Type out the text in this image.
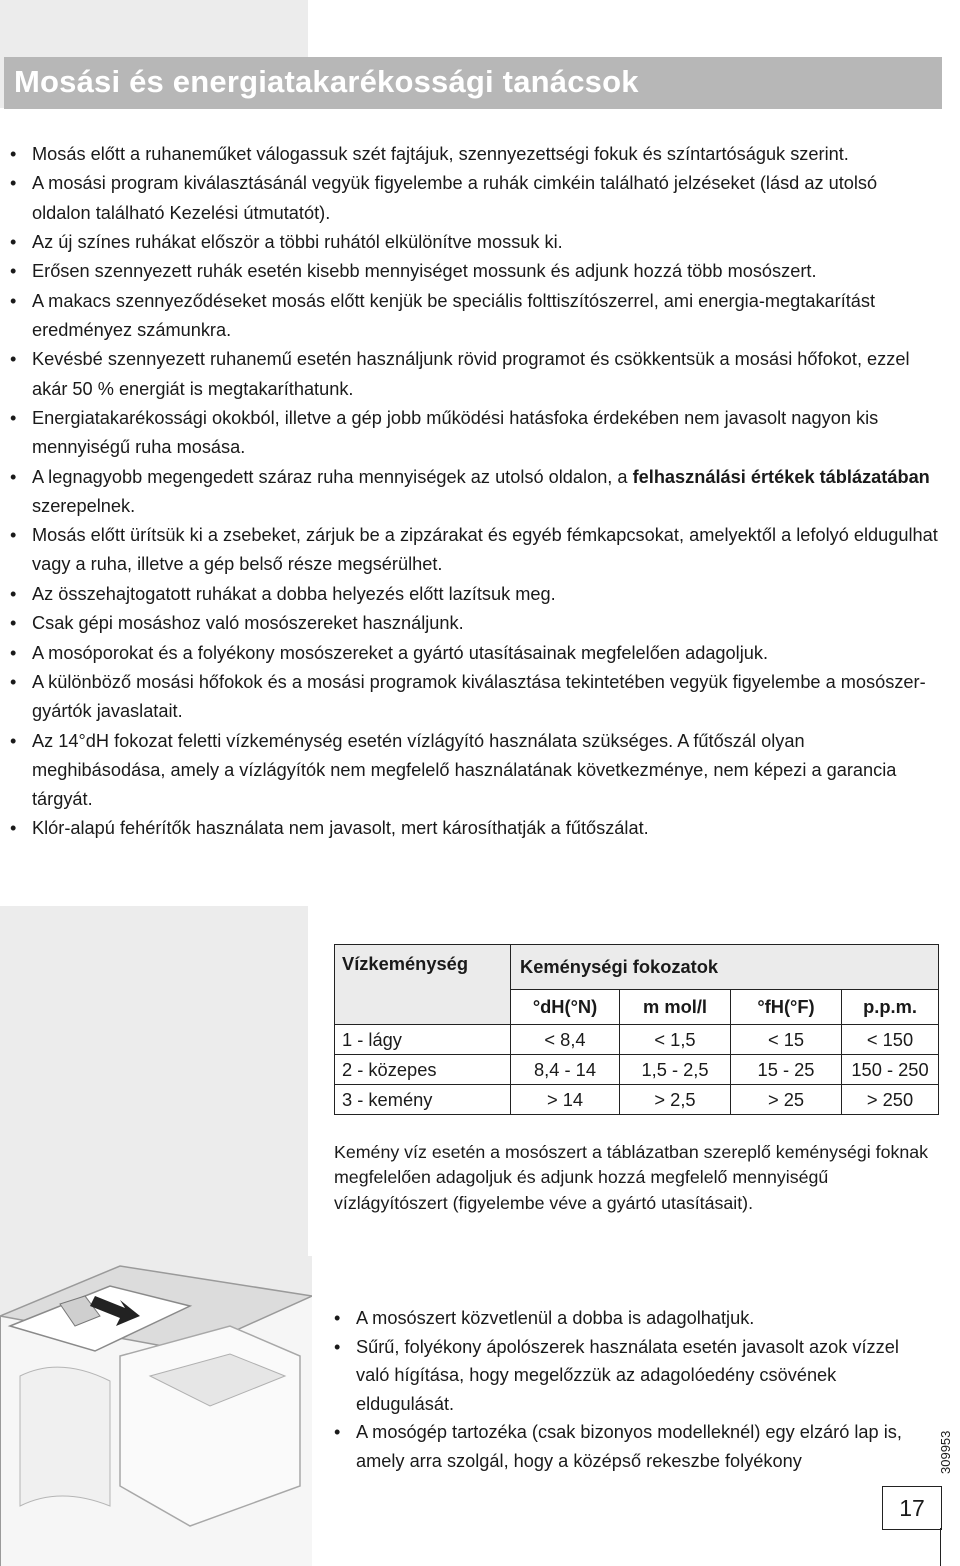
Mosási és energiatakarékossági tanácsok
• Mosás előtt a ruhaneműket válogassuk szét fajtájuk, szennyezettségi fokuk és színtartóságuk szerint.
• A mosási program kiválasztásánál vegyük figyelembe a ruhák cimkéin található jelzéseket (lásd az utolsó oldalon található Kezelési útmutatót).
• Az új színes ruhákat először a többi ruhától elkülönítve mossuk ki.
• Erősen szennyezett ruhák esetén kisebb mennyiséget mossunk és adjunk hozzá több mosószert.
• A makacs szennyeződéseket mosás előtt kenjük be speciális folttiszítószerrel, ami energia-megtakarítást eredményez számunkra.
• Kevésbé szennyezett ruhanemű esetén használjunk rövid programot és csökkentsük a mosási hőfokot, ezzel akár 50 % energiát is megtakaríthatunk.
• Energiatakarékossági okokból, illetve a gép jobb működési hatásfoka érdekében nem javasolt nagyon kis mennyiségű ruha mosása.
• A legnagyobb megengedett száraz ruha mennyiségek az utolsó oldalon, a felhasználási értékek táblázatában szerepelnek.
• Mosás előtt ürítsük ki a zsebeket, zárjuk be a zipzárakat és egyéb fémkapcsokat, amelyektől a lefolyó eldugulhat vagy a ruha, illetve a gép belső része megsérülhet.
• Az összehajtogatott ruhákat a dobba helyezés előtt lazítsuk meg.
• Csak gépi mosáshoz való mosószereket használjunk.
• A mosóporokat és a folyékony mosószereket a gyártó utasításainak megfelelően adagoljuk.
• A különböző mosási hőfokok és a mosási programok kiválasztása tekintetében vegyük figyelembe a mosószer-gyártók javaslatait.
• Az 14°dH fokozat feletti vízkeménység esetén vízlágyító használata szükséges. A fűtőszál olyan meghibásodása, amely a vízlágyítók nem megfelelő használatának következménye, nem képezi a garancia tárgyát.
• Klór-alapú fehérítők használata nem javasolt, mert károsíthatják a fűtőszálat.
Vízkeménység	Keménységi fokozatok			
	°dH(°N)	m mol/l	°fH(°F)	p.p.m.
1 - lágy	< 8,4	< 1,5	< 15	< 150
2 - közepes	8,4 - 14	1,5 - 2,5	15 - 25	150 - 250
3 - kemény	> 14	> 2,5	> 25	> 250

Kemény víz esetén a mosószert a táblázatban szereplő keménységi foknak megfelelően adagoljuk és adjunk hozzá megfelelő mennyiségű vízlágyítószert (figyelembe véve a gyártó utasításait).

• A mosószert közvetlenül a dobba is adagolhatjuk.
• Sűrű, folyékony ápolószerek használata esetén javasolt azok vízzel való hígítása, hogy megelőzzük az adagolóedény csövének eldugulását.
• A mosógép tartozéka (csak bizonyos modelleknél) egy elzáró lap is, amely arra szolgál, hogy a középső rekeszbe folyékony	309953
17
